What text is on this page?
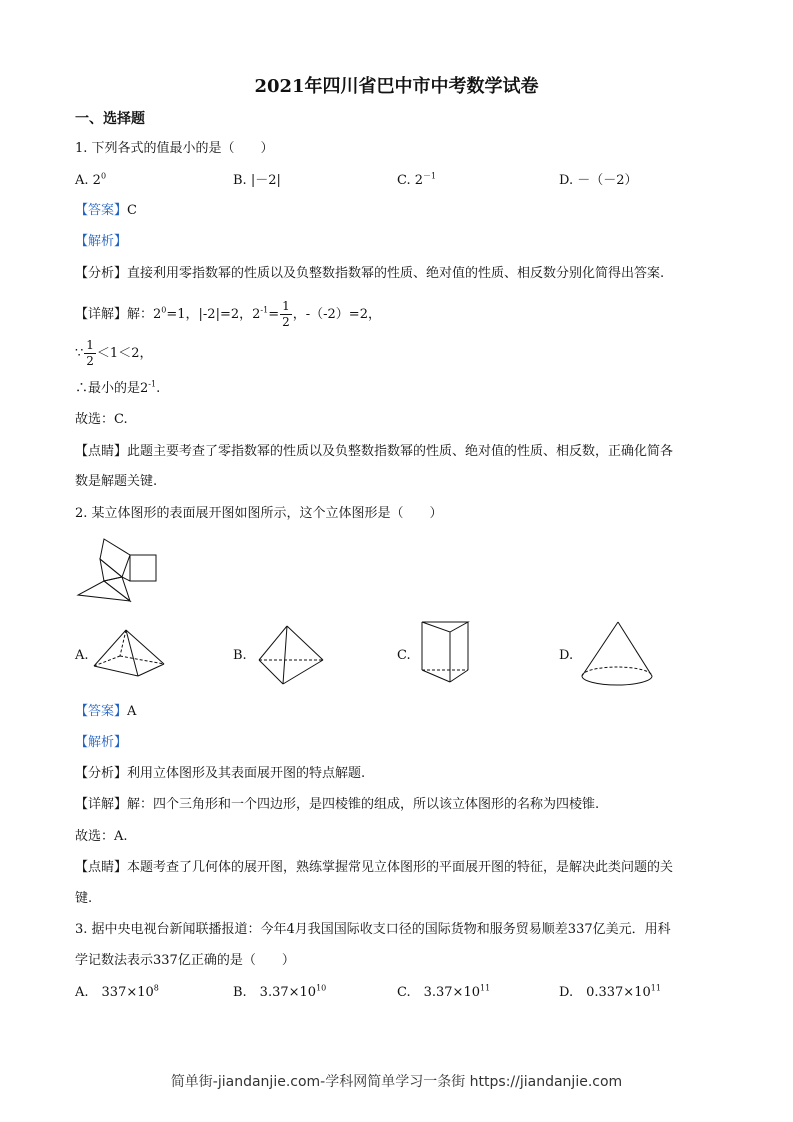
2021年四川省巴中市中考数学试卷
一、选择题
1. 下列各式的值最小的是（　　）
A. $2^0$	B. |－2|	C. $2^{-1}$	D. －（－2）
【答案】C
【解析】
【分析】直接利用零指数幂的性质以及负整数指数幂的性质、绝对值的性质、相反数分别化简得出答案.
【详解】解：$2^0=1$，|-2|=2，$2^{-1}= \frac{1}{2}$ ，-（-2）=2，
∵ $\frac{1}{2} <1<2$，
∴最小的是$2^{-1}$.
故选：C.
【点睛】此题主要考查了零指数幂的性质以及负整数指数幂的性质、绝对值的性质、相反数，正确化简各
数是解题关键.
2. 某立体图形的表面展开图如图所示，这个立体图形是（　　）
A.	B.	C.	D.
【答案】A
【解析】
【分析】利用立体图形及其表面展开图的特点解题.
【详解】解：四个三角形和一个四边形，是四棱锥的组成，所以该立体图形的名称为四棱锥.
故选：A.
【点睛】本题考查了几何体的展开图，熟练掌握常见立体图形的平面展开图的特征，是解决此类问题的关
键.
3. 据中央电视台新闻联播报道：今年4月我国国际收支口径的国际货物和服务贸易顺差337亿美元．用科
学记数法表示337亿正确的是（　　）
A.　$337\times 10^8$	B.　$3.37\times 10^{10}$	C.　$3.37\times 10^{11}$	D.　$0.337\times 10^{11}$
简单街-jiandanjie.com-学科网简单学习一条街 https://jiandanjie.com
